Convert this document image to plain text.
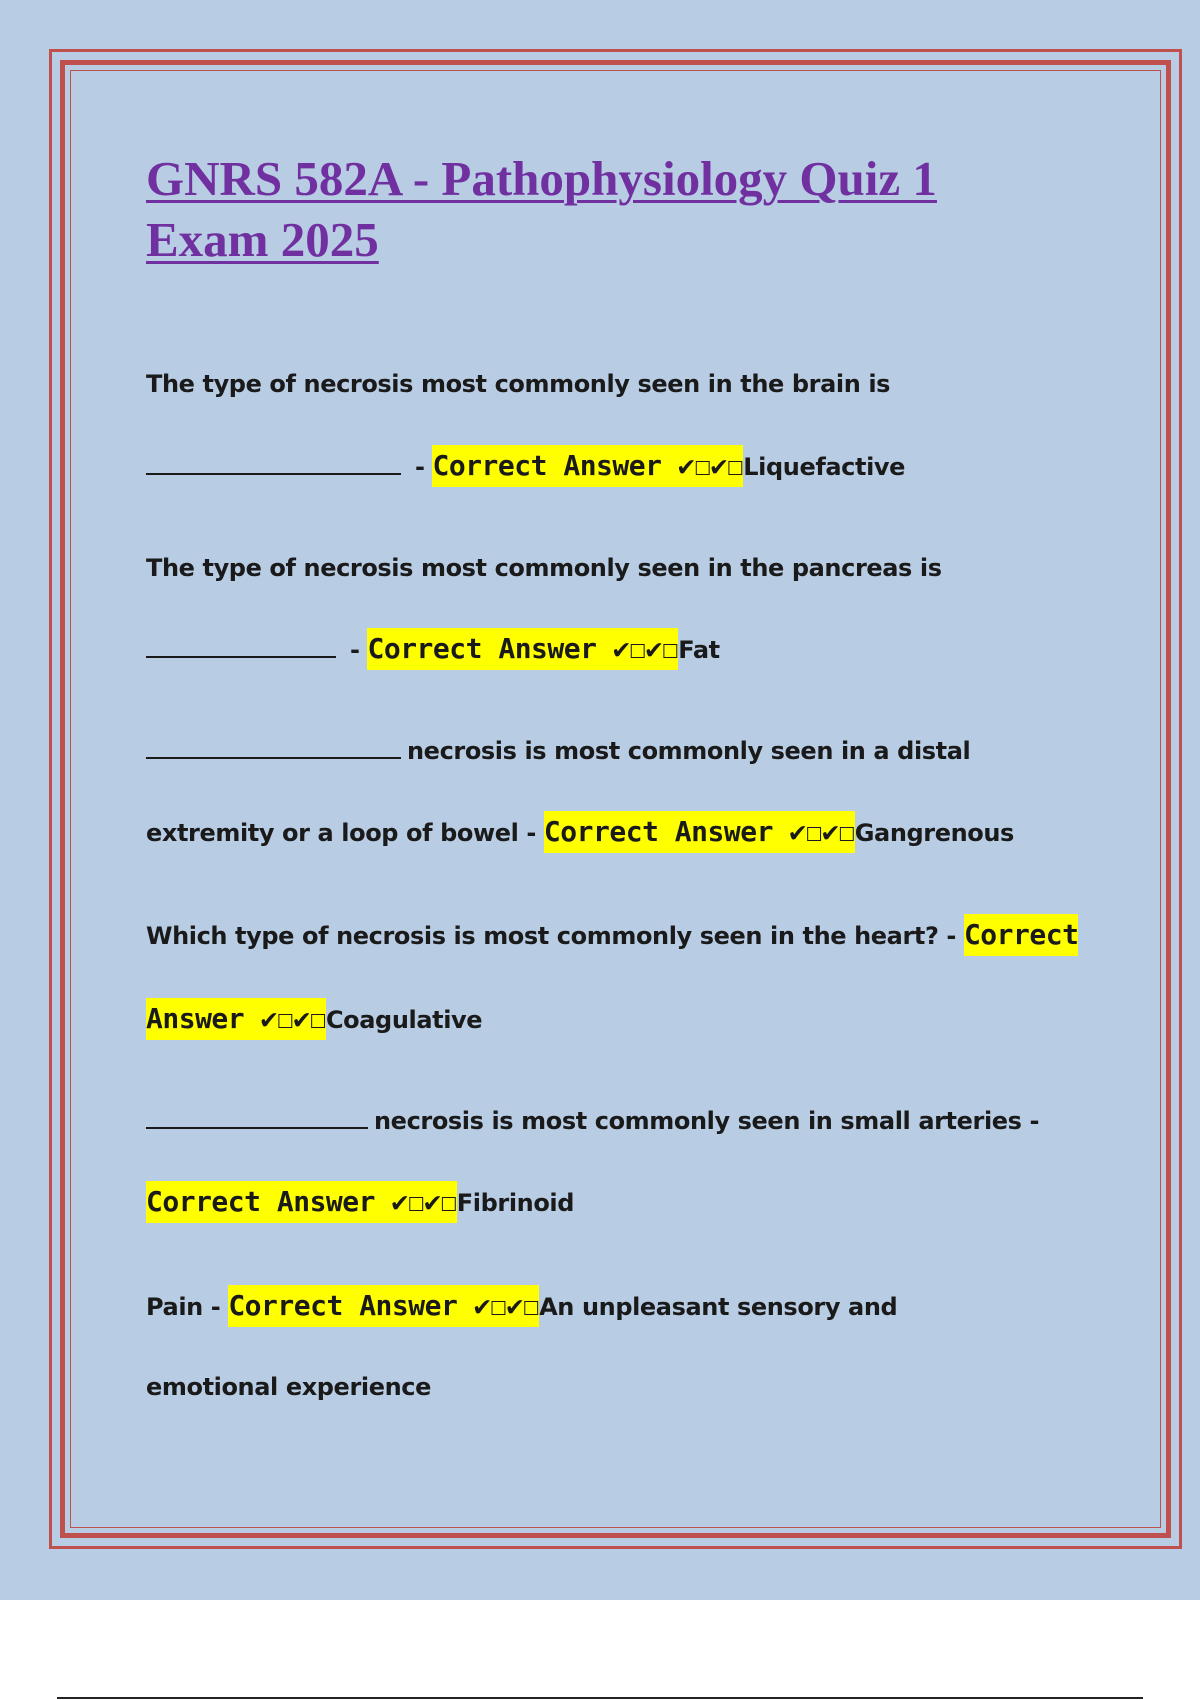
GNRS 582A - Pathophysiology Quiz 1
Exam 2025
The type of necrosis most commonly seen in the brain is
- Correct Answer ✔☐✔☐Liquefactive
The type of necrosis most commonly seen in the pancreas is
- Correct Answer ✔☐✔☐Fat
necrosis is most commonly seen in a distal
extremity or a loop of bowel - Correct Answer ✔☐✔☐Gangrenous
Which type of necrosis is most commonly seen in the heart? - Correct
Answer ✔☐✔☐Coagulative
necrosis is most commonly seen in small arteries -
Correct Answer ✔☐✔☐Fibrinoid
Pain - Correct Answer ✔☐✔☐An unpleasant sensory and
emotional experience
